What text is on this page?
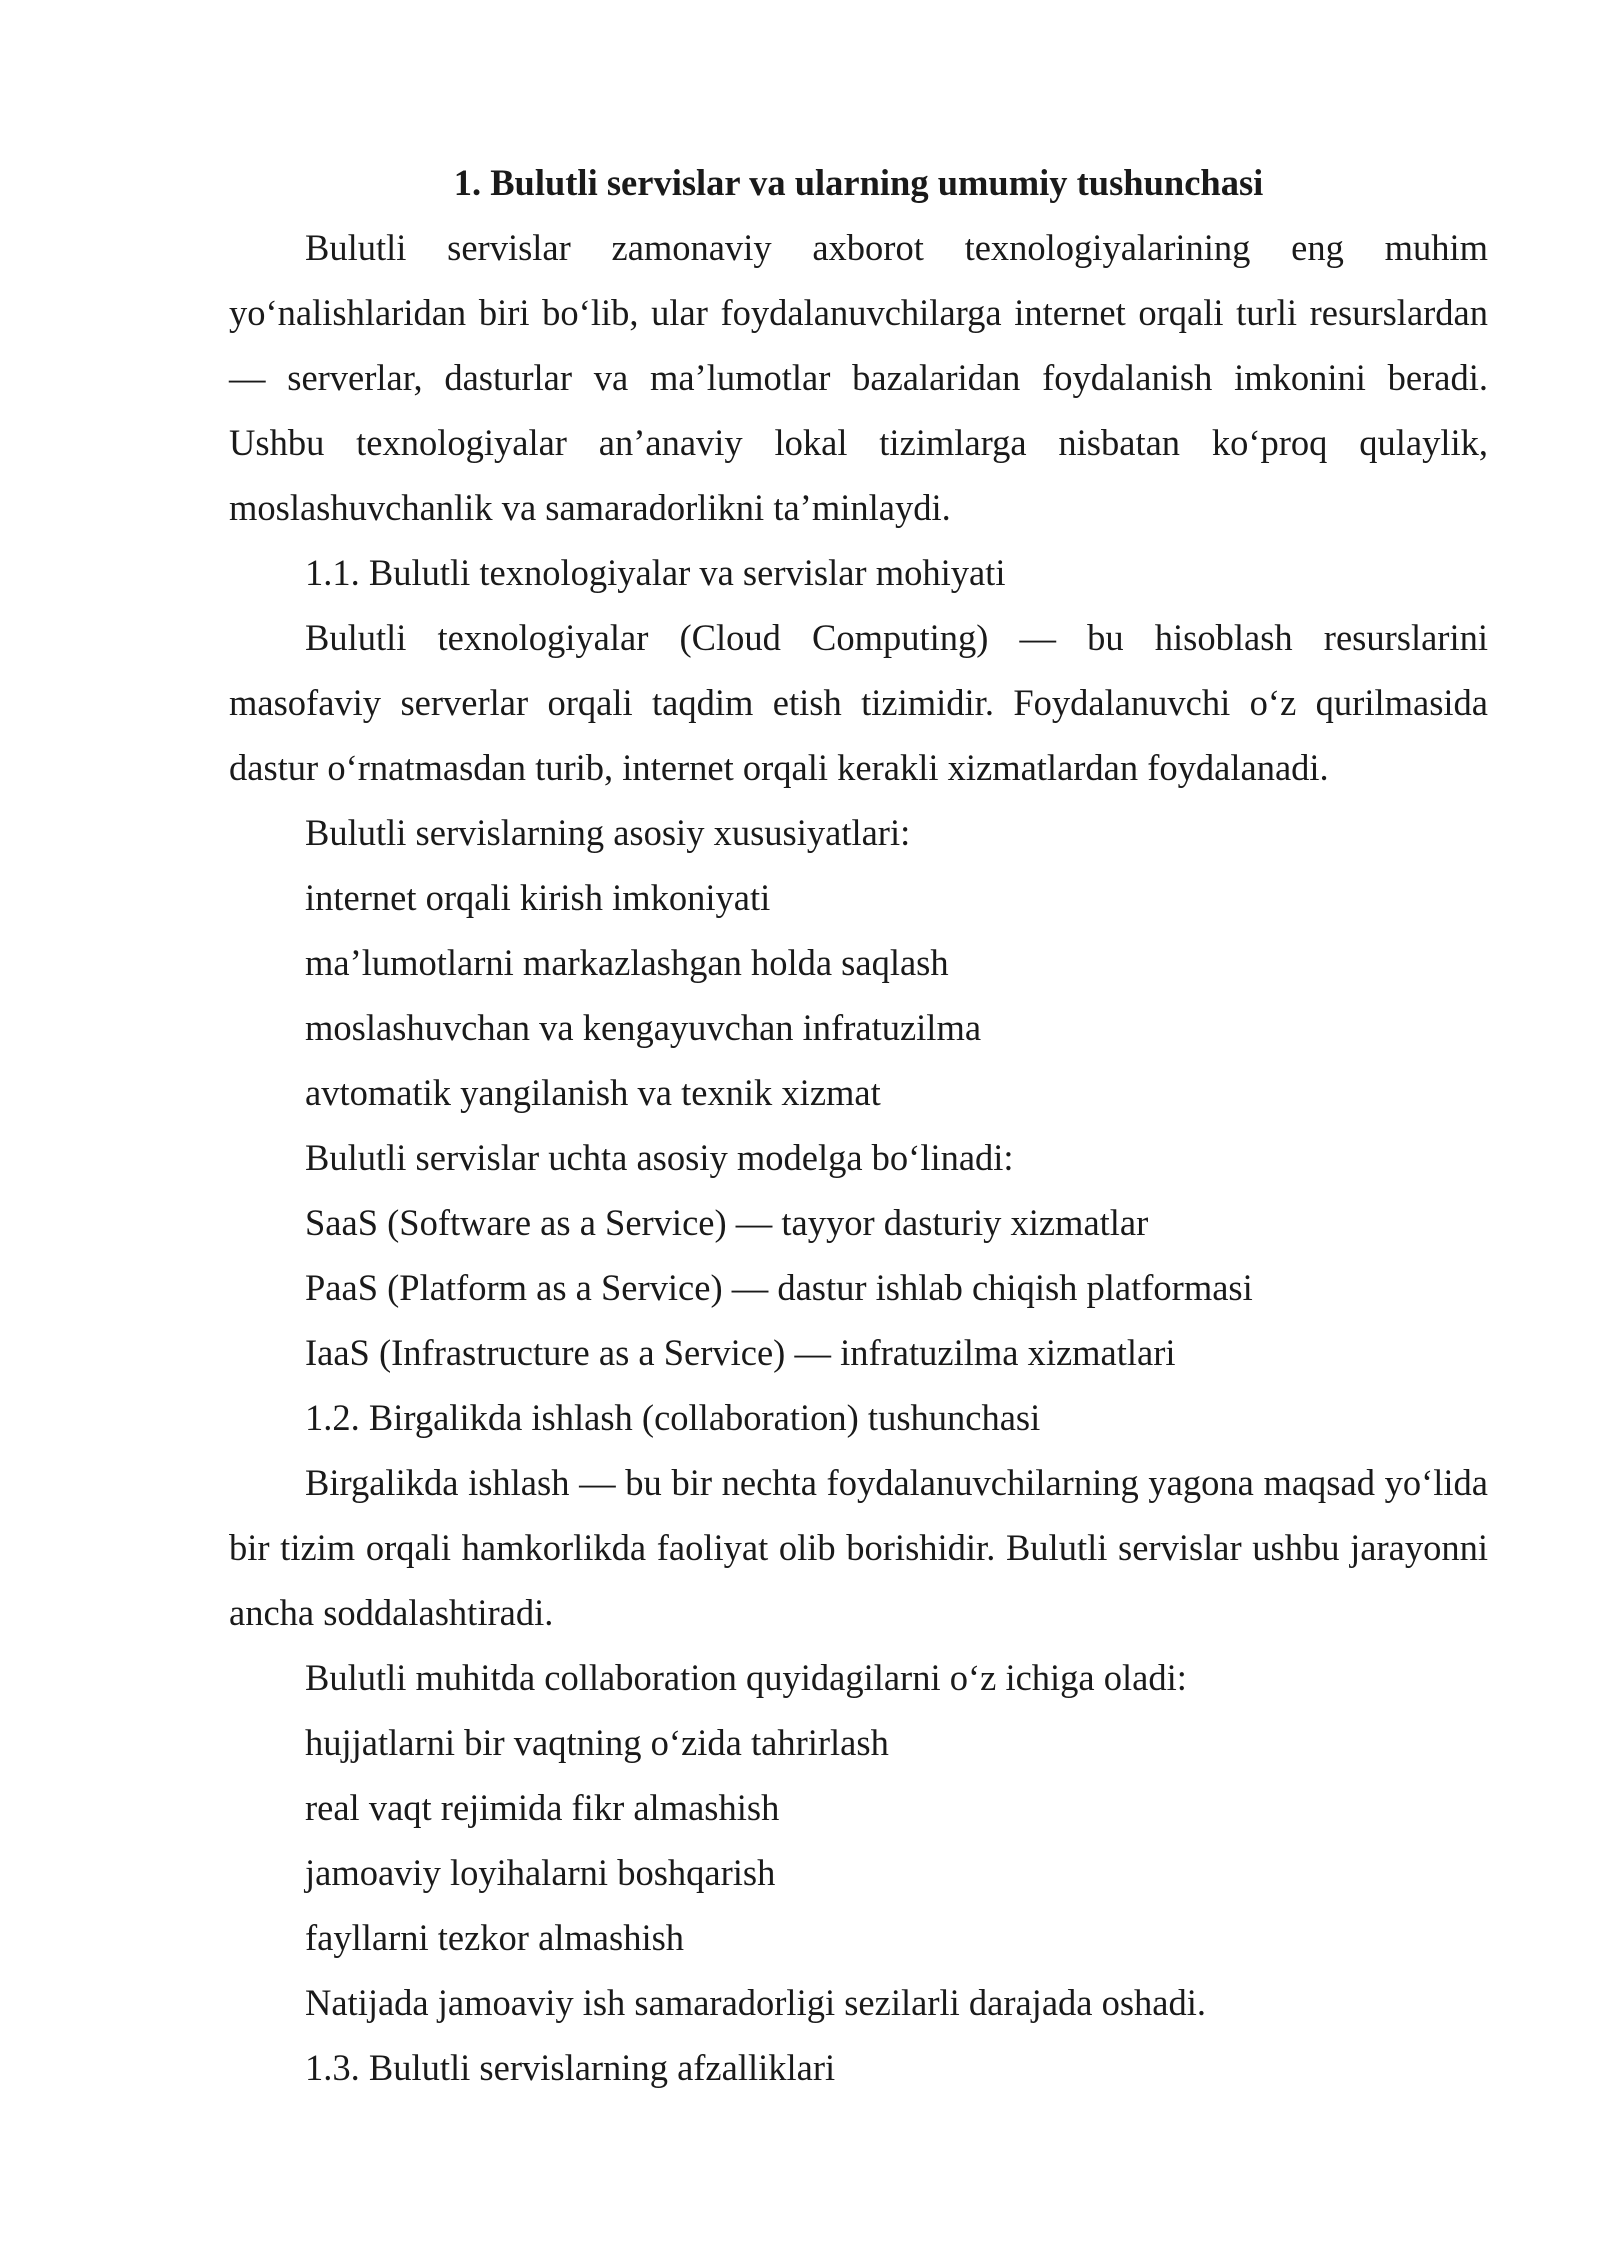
1. Bulutli servislar va ularning umumiy tushunchasi

Bulutli servislar zamonaviy axborot texnologiyalarining eng muhim yo‘nalishlaridan biri bo‘lib, ular foydalanuvchilarga internet orqali turli resurslardan — serverlar, dasturlar va ma’lumotlar bazalaridan foydalanish imkonini beradi. Ushbu texnologiyalar an’anaviy lokal tizimlarga nisbatan ko‘proq qulaylik, moslashuvchanlik va samaradorlikni ta’minlaydi.

1.1. Bulutli texnologiyalar va servislar mohiyati

Bulutli texnologiyalar (Cloud Computing) — bu hisoblash resurslarini masofaviy serverlar orqali taqdim etish tizimidir. Foydalanuvchi o‘z qurilmasida dastur o‘rnatmasdan turib, internet orqali kerakli xizmatlardan foydalanadi.

Bulutli servislarning asosiy xususiyatlari:

internet orqali kirish imkoniyati

ma’lumotlarni markazlashgan holda saqlash

moslashuvchan va kengayuvchan infratuzilma

avtomatik yangilanish va texnik xizmat

Bulutli servislar uchta asosiy modelga bo‘linadi:

SaaS (Software as a Service) — tayyor dasturiy xizmatlar

PaaS (Platform as a Service) — dastur ishlab chiqish platformasi

IaaS (Infrastructure as a Service) — infratuzilma xizmatlari

1.2. Birgalikda ishlash (collaboration) tushunchasi

Birgalikda ishlash — bu bir nechta foydalanuvchilarning yagona maqsad yo‘lida bir tizim orqali hamkorlikda faoliyat olib borishidir. Bulutli servislar ushbu jarayonni ancha soddalashtiradi.

Bulutli muhitda collaboration quyidagilarni o‘z ichiga oladi:

hujjatlarni bir vaqtning o‘zida tahrirlash

real vaqt rejimida fikr almashish

jamoaviy loyihalarni boshqarish

fayllarni tezkor almashish

Natijada jamoaviy ish samaradorligi sezilarli darajada oshadi.

1.3. Bulutli servislarning afzalliklari
